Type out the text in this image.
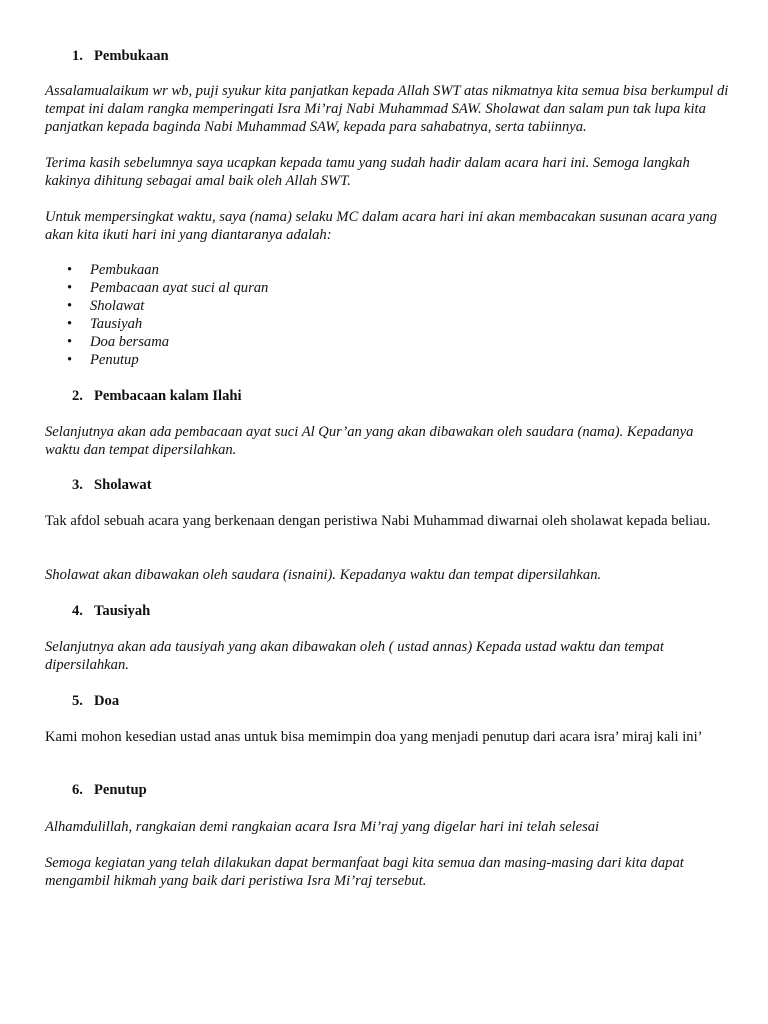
1. Pembukaan

Assalamualaikum wr wb, puji syukur kita panjatkan kepada Allah SWT atas nikmatnya kita semua bisa berkumpul di tempat ini dalam rangka memperingati Isra Mi’raj Nabi Muhammad SAW. Sholawat dan salam pun tak lupa kita panjatkan kepada baginda Nabi Muhammad SAW, kepada para sahabatnya, serta tabiinnya.

Terima kasih sebelumnya saya ucapkan kepada tamu yang sudah hadir dalam acara hari ini. Semoga langkah kakinya dihitung sebagai amal baik oleh Allah SWT.

Untuk mempersingkat waktu, saya (nama) selaku MC dalam acara hari ini akan membacakan susunan acara yang akan kita ikuti hari ini yang diantaranya adalah:

• Pembukaan
• Pembacaan ayat suci al quran
• Sholawat
• Tausiyah
• Doa bersama
• Penutup
2. Pembacaan kalam Ilahi

Selanjutnya akan ada pembacaan ayat suci Al Qur’an yang akan dibawakan oleh saudara (nama). Kepadanya waktu dan tempat dipersilahkan.

3. Sholawat

Tak afdol sebuah acara yang berkenaan dengan peristiwa Nabi Muhammad diwarnai oleh sholawat kepada beliau.

Sholawat akan dibawakan oleh saudara (isnaini). Kepadanya waktu dan tempat dipersilahkan.

4. Tausiyah

Selanjutnya akan ada tausiyah yang akan dibawakan oleh ( ustad annas) Kepada ustad waktu dan tempat dipersilahkan.

5. Doa

Kami mohon kesedian ustad anas untuk bisa memimpin doa yang menjadi penutup dari acara isra’ miraj kali ini’

6. Penutup

Alhamdulillah, rangkaian demi rangkaian acara Isra Mi’raj yang digelar hari ini telah selesai

Semoga kegiatan yang telah dilakukan dapat bermanfaat bagi kita semua dan masing-masing dari kita dapat mengambil hikmah yang baik dari peristiwa Isra Mi’raj tersebut.
